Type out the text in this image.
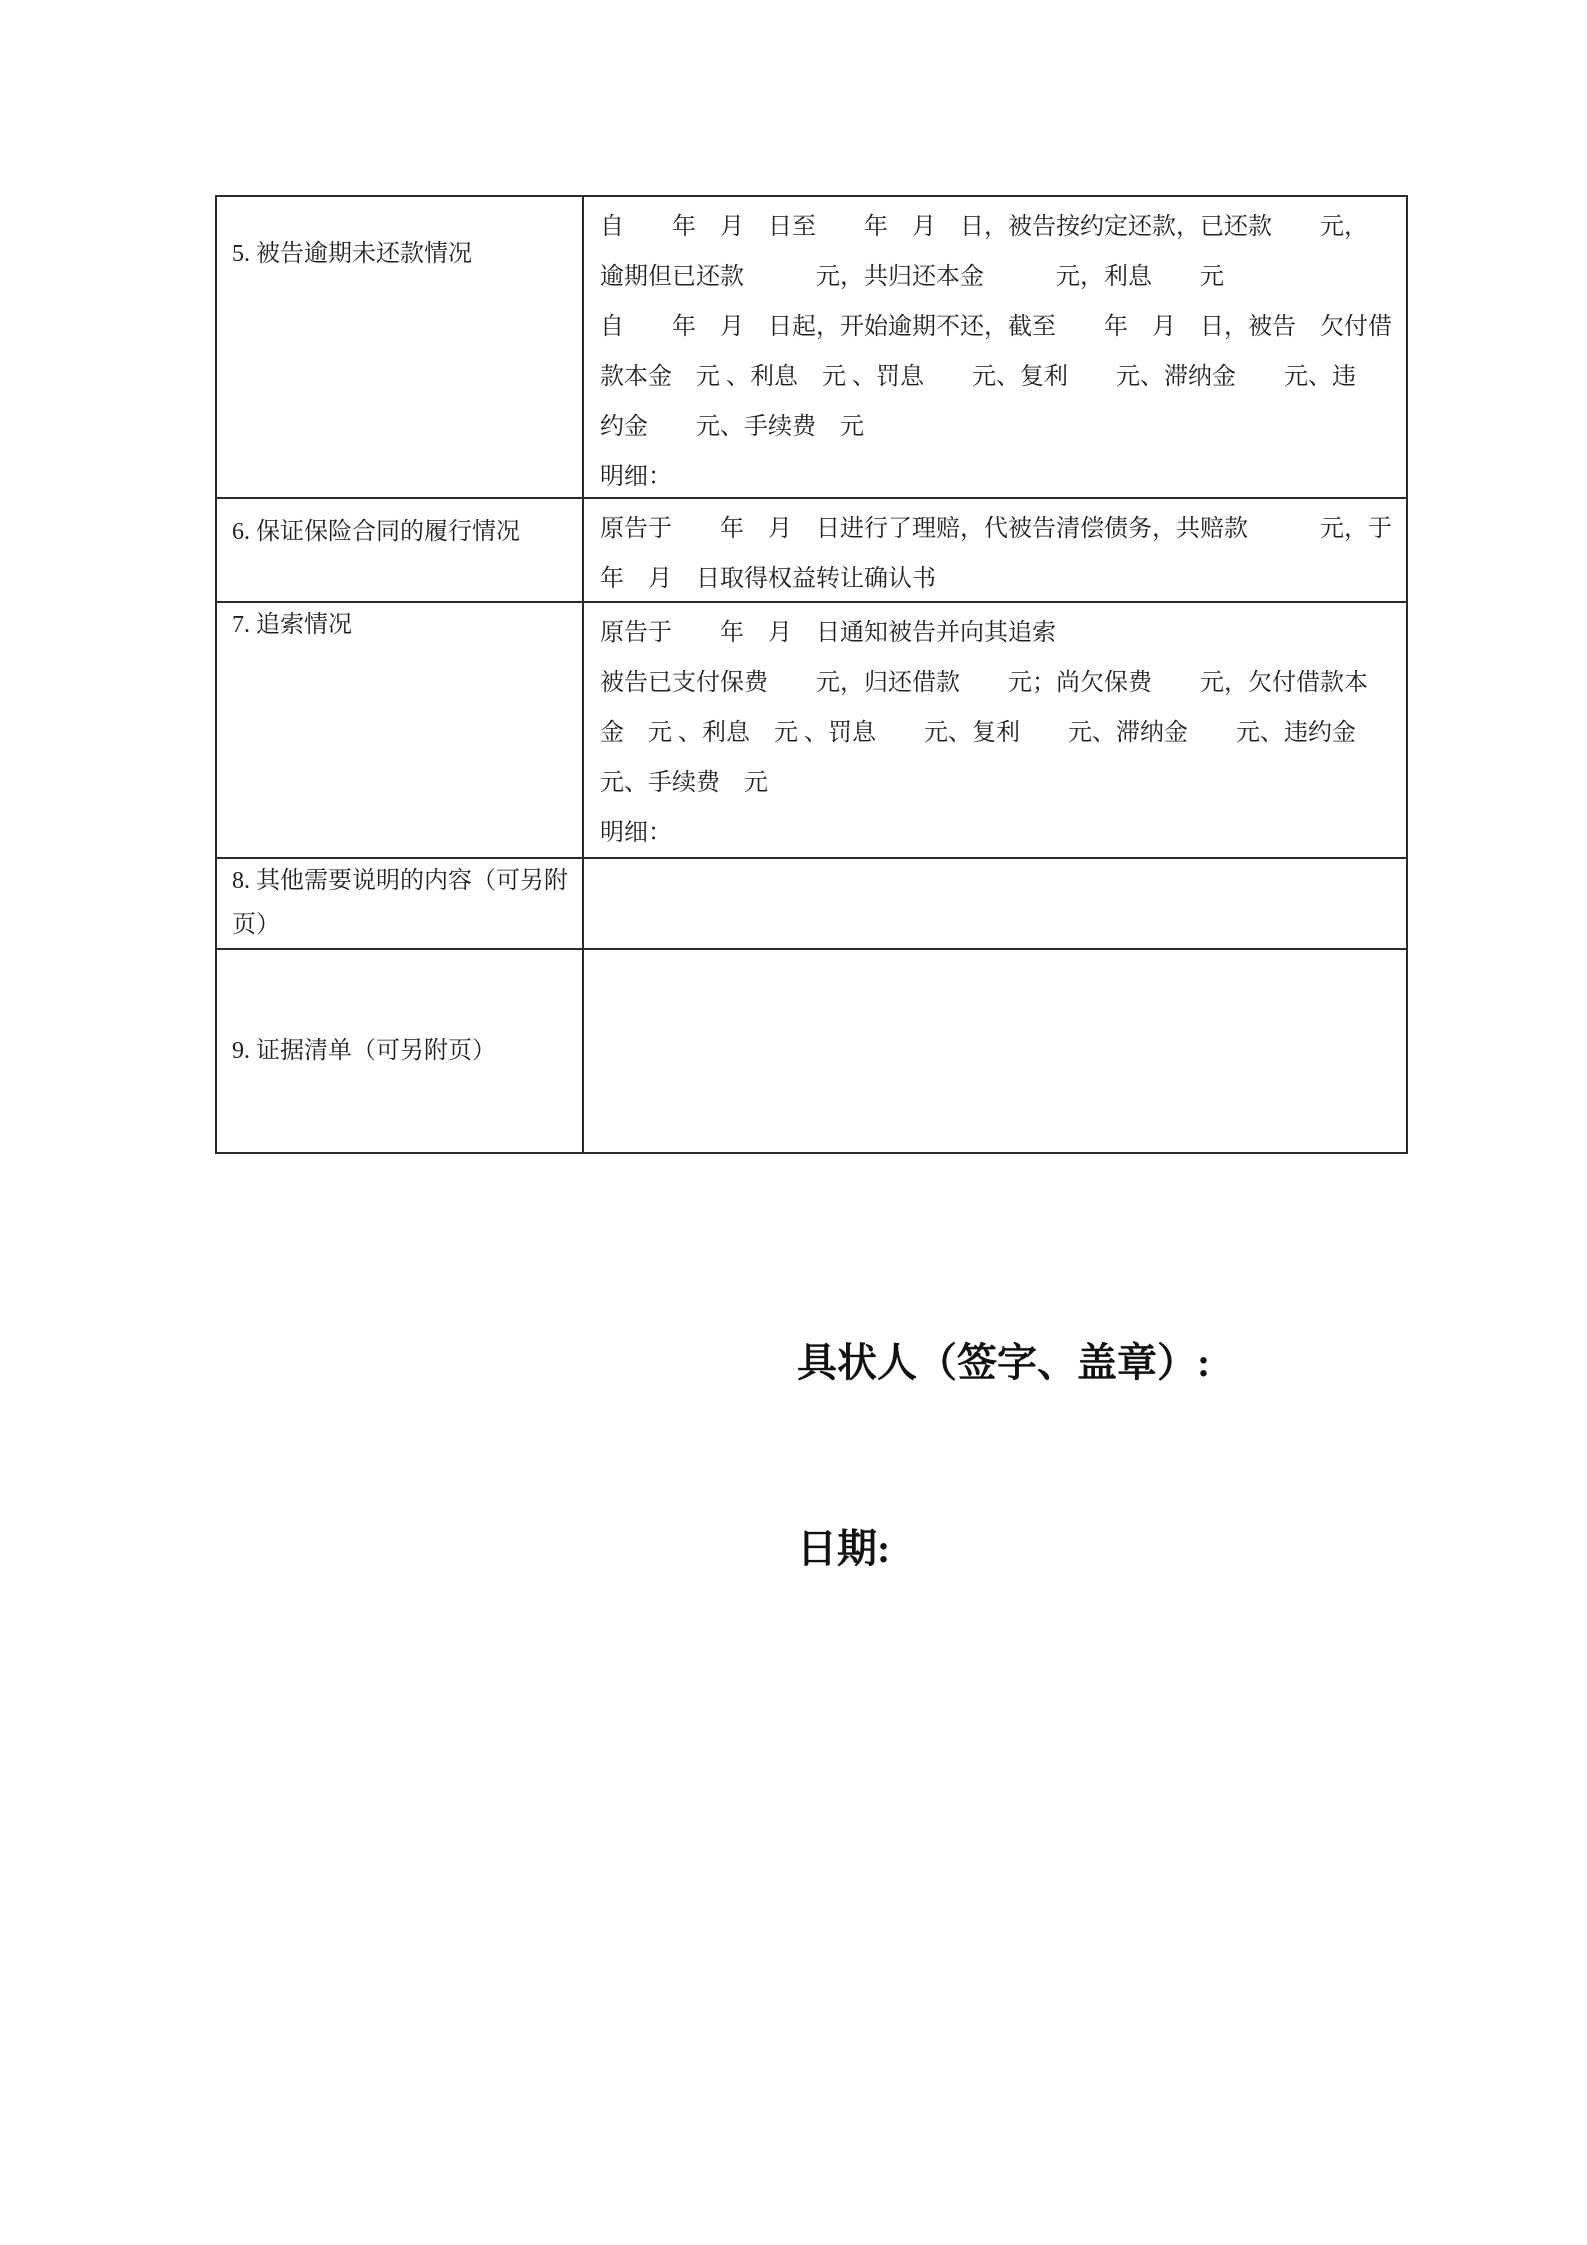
5. 被告逾期未还款情况
自　　年　月　日至　　年　月　日，被告按约定还款，已还款　　元，
逾期但已还款　　　元，共归还本金　　　元，利息　　元
自　　年　月　日起，开始逾期不还，截至　　年　月　日，被告　欠付借
款本金　元 、利息　元 、罚息　　元、复利　　元、滞纳金　　元、违
约金　　元、手续费　元
明细：
6. 保证保险合同的履行情况	原告于　　年　月　日进行了理赔，代被告清偿债务，共赔款　　　元，于
年　月　日取得权益转让确认书
7. 追索情况	原告于　　年　月　日通知被告并向其追索
被告已支付保费　　元，归还借款　　元；尚欠保费　　元，欠付借款本
金　元 、利息　元 、罚息　　元、复利　　元、滞纳金　　元、违约金
元、手续费　元
明细：
8. 其他需要说明的内容（可另附页）
9. 证据清单（可另附页）

具状人（签字、盖章）:

日期:
